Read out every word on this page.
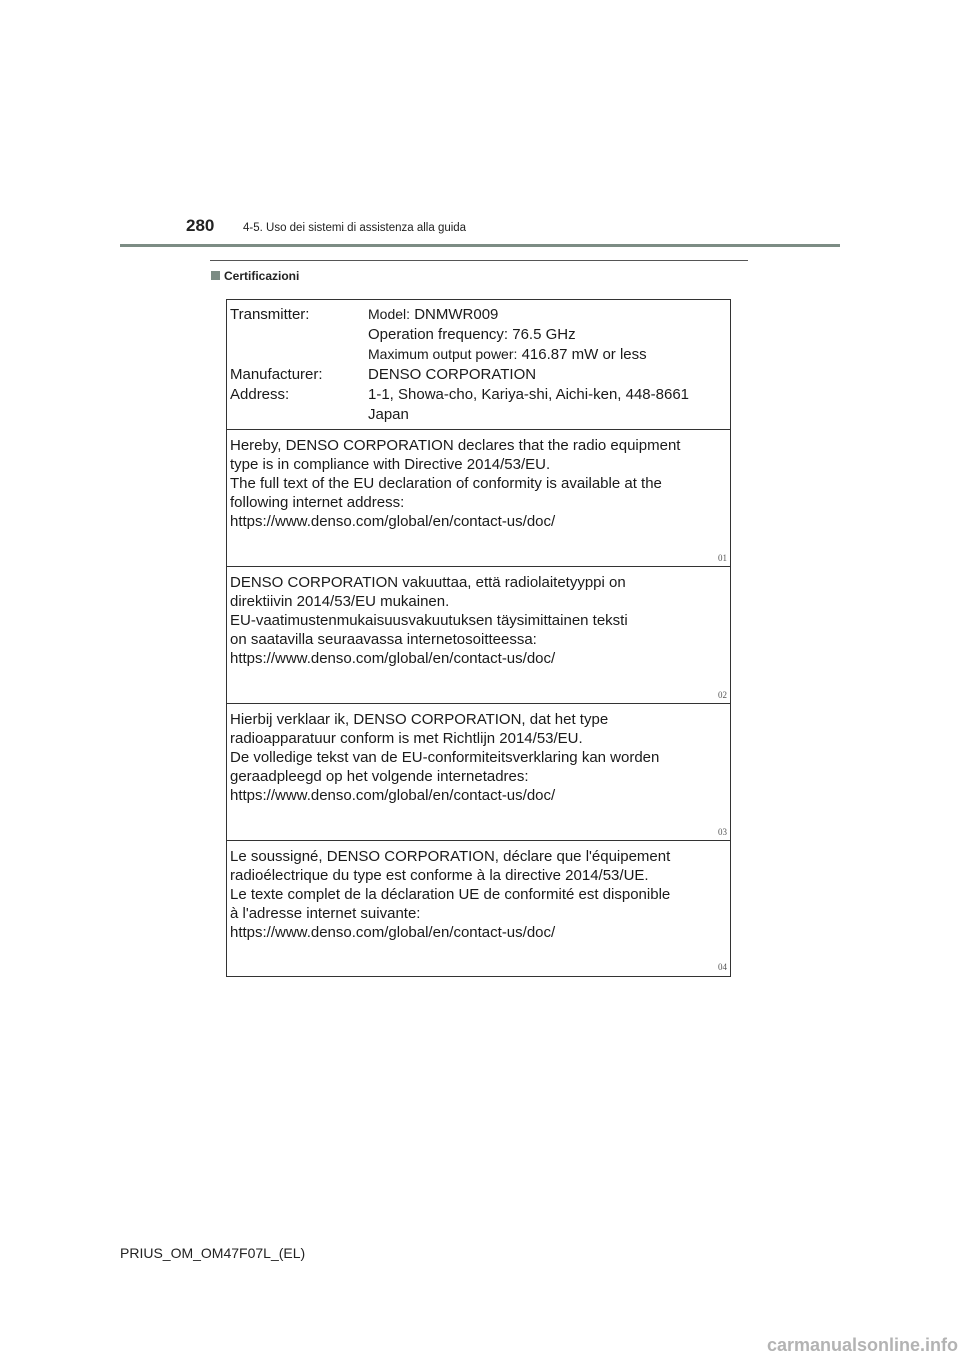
280 4-5. Uso dei sistemi di assistenza alla guida
Certificazioni
Transmitter:	Model: DNMWR009
Operation frequency: 76.5 GHz
Maximum output power: 416.87 mW or less
Manufacturer:	DENSO CORPORATION
Address:	1-1, Showa-cho, Kariya-shi, Aichi-ken, 448-8661
Japan
Hereby, DENSO CORPORATION declares that the radio equipment
type is in compliance with Directive 2014/53/EU.
The full text of the EU declaration of conformity is available at the
following internet address:
https://www.denso.com/global/en/contact-us/doc/
01
DENSO CORPORATION vakuuttaa, että radiolaitetyyppi on
direktiivin 2014/53/EU mukainen.
EU-vaatimustenmukaisuusvakuutuksen täysimittainen teksti
on saatavilla seuraavassa internetosoitteessa:
https://www.denso.com/global/en/contact-us/doc/
02
Hierbij verklaar ik, DENSO CORPORATION, dat het type
radioapparatuur conform is met Richtlijn 2014/53/EU.
De volledige tekst van de EU-conformiteitsverklaring kan worden
geraadpleegd op het volgende internetadres:
https://www.denso.com/global/en/contact-us/doc/
03
Le soussigné, DENSO CORPORATION, déclare que l'équipement
radioélectrique du type est conforme à la directive 2014/53/UE.
Le texte complet de la déclaration UE de conformité est disponible
à l'adresse internet suivante:
https://www.denso.com/global/en/contact-us/doc/
04
PRIUS_OM_OM47F07L_(EL)
carmanualsonline.info
